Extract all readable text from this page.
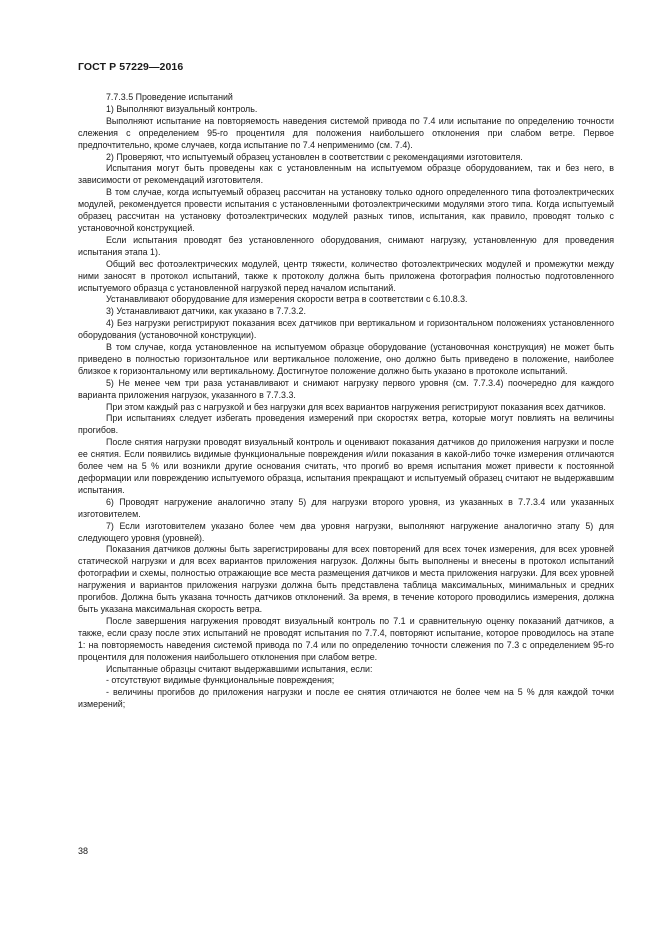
ГОСТ Р 57229—2016

7.7.3.5 Проведение испытаний

1) Выполняют визуальный контроль.

Выполняют испытание на повторяемость наведения системой привода по 7.4 или испытание по определению точности слежения с определением 95-го процентиля для положения наибольшего отклонения при слабом ветре. Первое предпочтительно, кроме случаев, когда испытание по 7.4 неприменимо (см. 7.4).

2) Проверяют, что испытуемый образец установлен в соответствии с рекомендациями изготовителя.

Испытания могут быть проведены как с установленным на испытуемом образце оборудованием, так и без него, в зависимости от рекомендаций изготовителя.

В том случае, когда испытуемый образец рассчитан на установку только одного определенного типа фотоэлектрических модулей, рекомендуется провести испытания с установленными фотоэлектрическими модулями этого типа. Когда испытуемый образец рассчитан на установку фотоэлектрических модулей разных типов, испытания, как правило, проводят только с установочной конструкцией.

Если испытания проводят без установленного оборудования, снимают нагрузку, установленную для проведения испытания этапа 1).

Общий вес фотоэлектрических модулей, центр тяжести, количество фотоэлектрических модулей и промежутки между ними заносят в протокол испытаний, также к протоколу должна быть приложена фотография полностью подготовленного испытуемого образца с установленной нагрузкой перед началом испытаний.

Устанавливают оборудование для измерения скорости ветра в соответствии с 6.10.8.3.

3) Устанавливают датчики, как указано в 7.7.3.2.

4) Без нагрузки регистрируют показания всех датчиков при вертикальном и горизонтальном положениях установленного оборудования (установочной конструкции).

В том случае, когда установленное на испытуемом образце оборудование (установочная конструкция) не может быть приведено в полностью горизонтальное или вертикальное положение, оно должно быть приведено в положение, наиболее близкое к горизонтальному или вертикальному. Достигнутое положение должно быть указано в протоколе испытаний.

5) Не менее чем три раза устанавливают и снимают нагрузку первого уровня (см. 7.7.3.4) поочередно для каждого варианта приложения нагрузок, указанного в 7.7.3.3.

При этом каждый раз с нагрузкой и без нагрузки для всех вариантов нагружения регистрируют показания всех датчиков.

При испытаниях следует избегать проведения измерений при скоростях ветра, которые могут повлиять на величины прогибов.

После снятия нагрузки проводят визуальный контроль и оценивают показания датчиков до приложения нагрузки и после ее снятия. Если появились видимые функциональные повреждения и/или показания в какой-либо точке измерения отличаются более чем на 5 % или возникли другие основания считать, что прогиб во время испытания может привести к постоянной деформации или повреждению испытуемого образца, испытания прекращают и испытуемый образец считают не выдержавшим испытания.

6) Проводят нагружение аналогично этапу 5) для нагрузки второго уровня, из указанных в 7.7.3.4 или указанных изготовителем.

7) Если изготовителем указано более чем два уровня нагрузки, выполняют нагружение аналогично этапу 5) для следующего уровня (уровней).

Показания датчиков должны быть зарегистрированы для всех повторений для всех точек измерения, для всех уровней статической нагрузки и для всех вариантов приложения нагрузок. Должны быть выполнены и внесены в протокол испытаний фотографии и схемы, полностью отражающие все места размещения датчиков и места приложения нагрузки. Для всех уровней нагружения и вариантов приложения нагрузки должна быть представлена таблица максимальных, минимальных и средних прогибов. Должна быть указана точность датчиков отклонений. За время, в течение которого проводились измерения, должна быть указана максимальная скорость ветра.

После завершения нагружения проводят визуальный контроль по 7.1 и сравнительную оценку показаний датчиков, а также, если сразу после этих испытаний не проводят испытания по 7.7.4, повторяют испытание, которое проводилось на этапе 1: на повторяемость наведения системой привода по 7.4 или по определению точности слежения по 7.3 с определением 95-го процентиля для положения наибольшего отклонения при слабом ветре.

Испытанные образцы считают выдержавшими испытания, если:

- отсутствуют видимые функциональные повреждения;

- величины прогибов до приложения нагрузки и после ее снятия отличаются не более чем на 5 % для каждой точки измерений;

38
